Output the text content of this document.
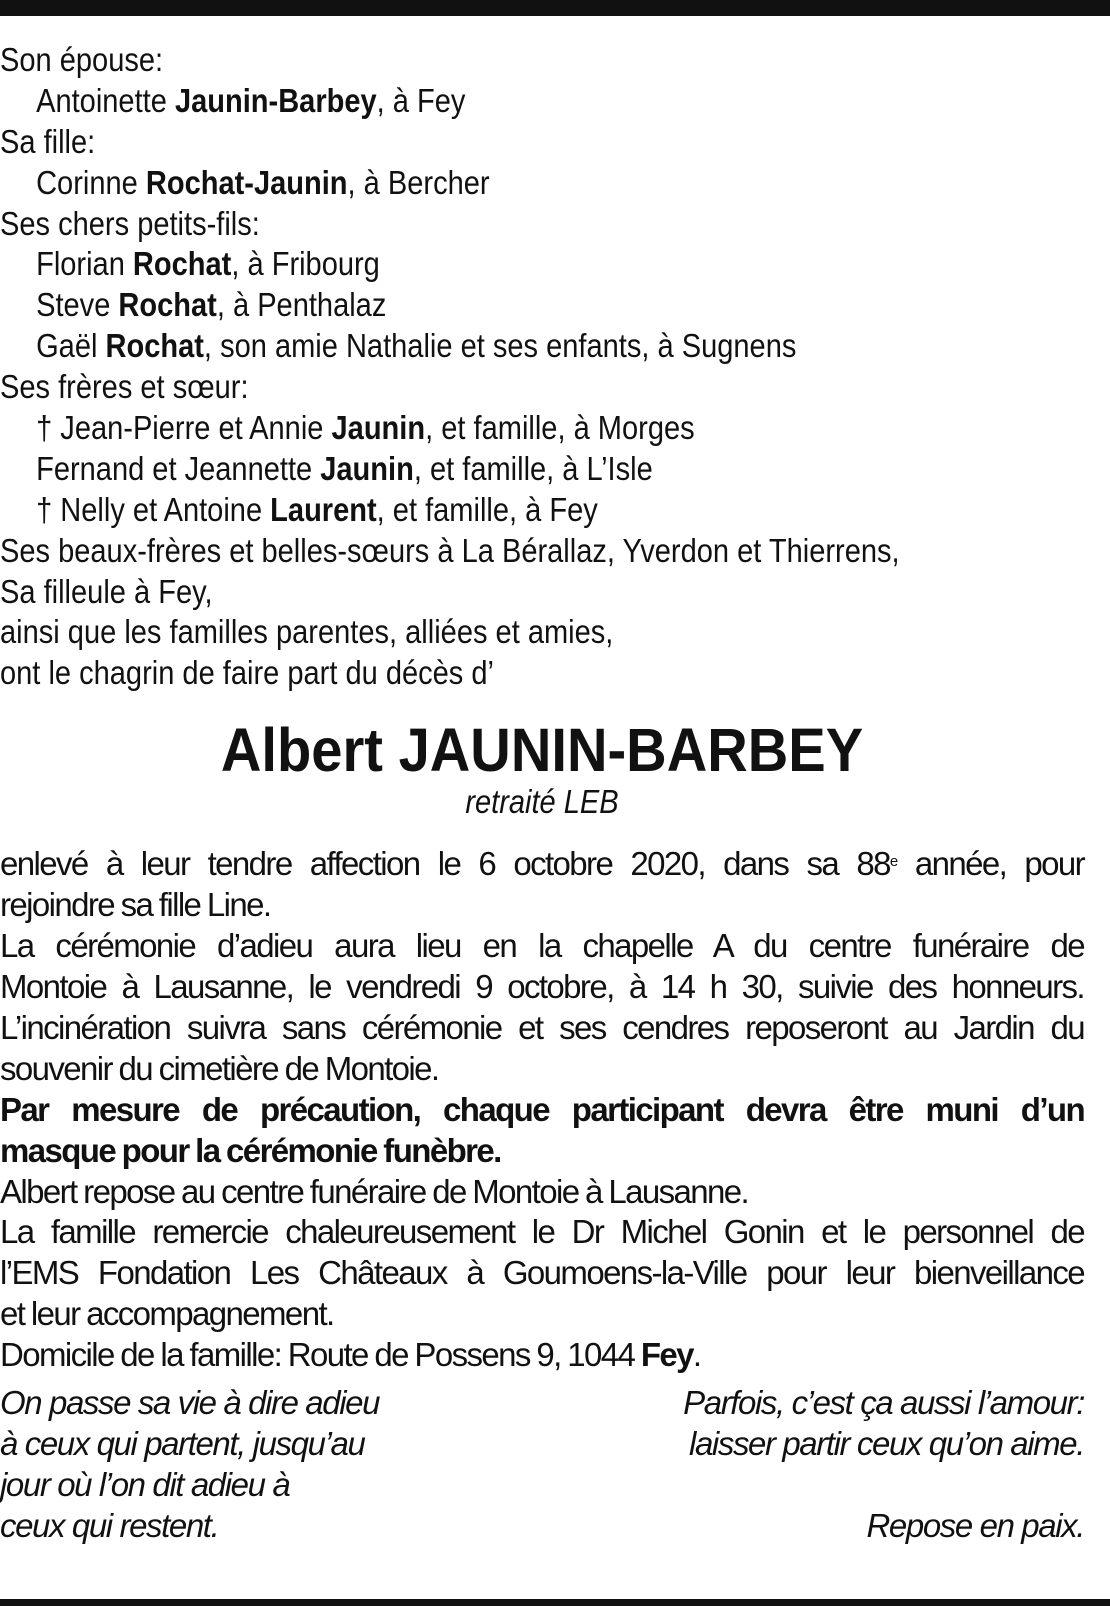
Son épouse:
Antoinette Jaunin-Barbey, à Fey
Sa fille:
Corinne Rochat-Jaunin, à Bercher
Ses chers petits-fils:
Florian Rochat, à Fribourg
Steve Rochat, à Penthalaz
Gaël Rochat, son amie Nathalie et ses enfants, à Sugnens
Ses frères et sœur:
† Jean-Pierre et Annie Jaunin, et famille, à Morges
Fernand et Jeannette Jaunin, et famille, à L’Isle
† Nelly et Antoine Laurent, et famille, à Fey
Ses beaux-frères et belles-sœurs à La Bérallaz, Yverdon et Thierrens,
Sa filleule à Fey,
ainsi que les familles parentes, alliées et amies,
ont le chagrin de faire part du décès d’
Albert JAUNIN-BARBEY
retraité LEB
enlevé à leur tendre affection le 6 octobre 2020, dans sa 88e année, pour
rejoindre sa fille Line.
La cérémonie d’adieu aura lieu en la chapelle A du centre funéraire de
Montoie à Lausanne, le vendredi 9 octobre, à 14 h 30, suivie des honneurs.
L’incinération suivra sans cérémonie et ses cendres reposeront au Jardin du
souvenir du cimetière de Montoie.
Par mesure de précaution, chaque participant devra être muni d’un
masque pour la cérémonie funèbre.
Albert repose au centre funéraire de Montoie à Lausanne.
La famille remercie chaleureusement le Dr Michel Gonin et le personnel de
l’EMS Fondation Les Châteaux à Goumoens-la-Ville pour leur bienveillance
et leur accompagnement.
Domicile de la famille: Route de Possens 9, 1044 Fey.
On passe sa vie à dire adieu
à ceux qui partent, jusqu’au
jour où l’on dit adieu à
ceux qui restent.
Parfois, c’est ça aussi l’amour:
laisser partir ceux qu’on aime.
Repose en paix.
